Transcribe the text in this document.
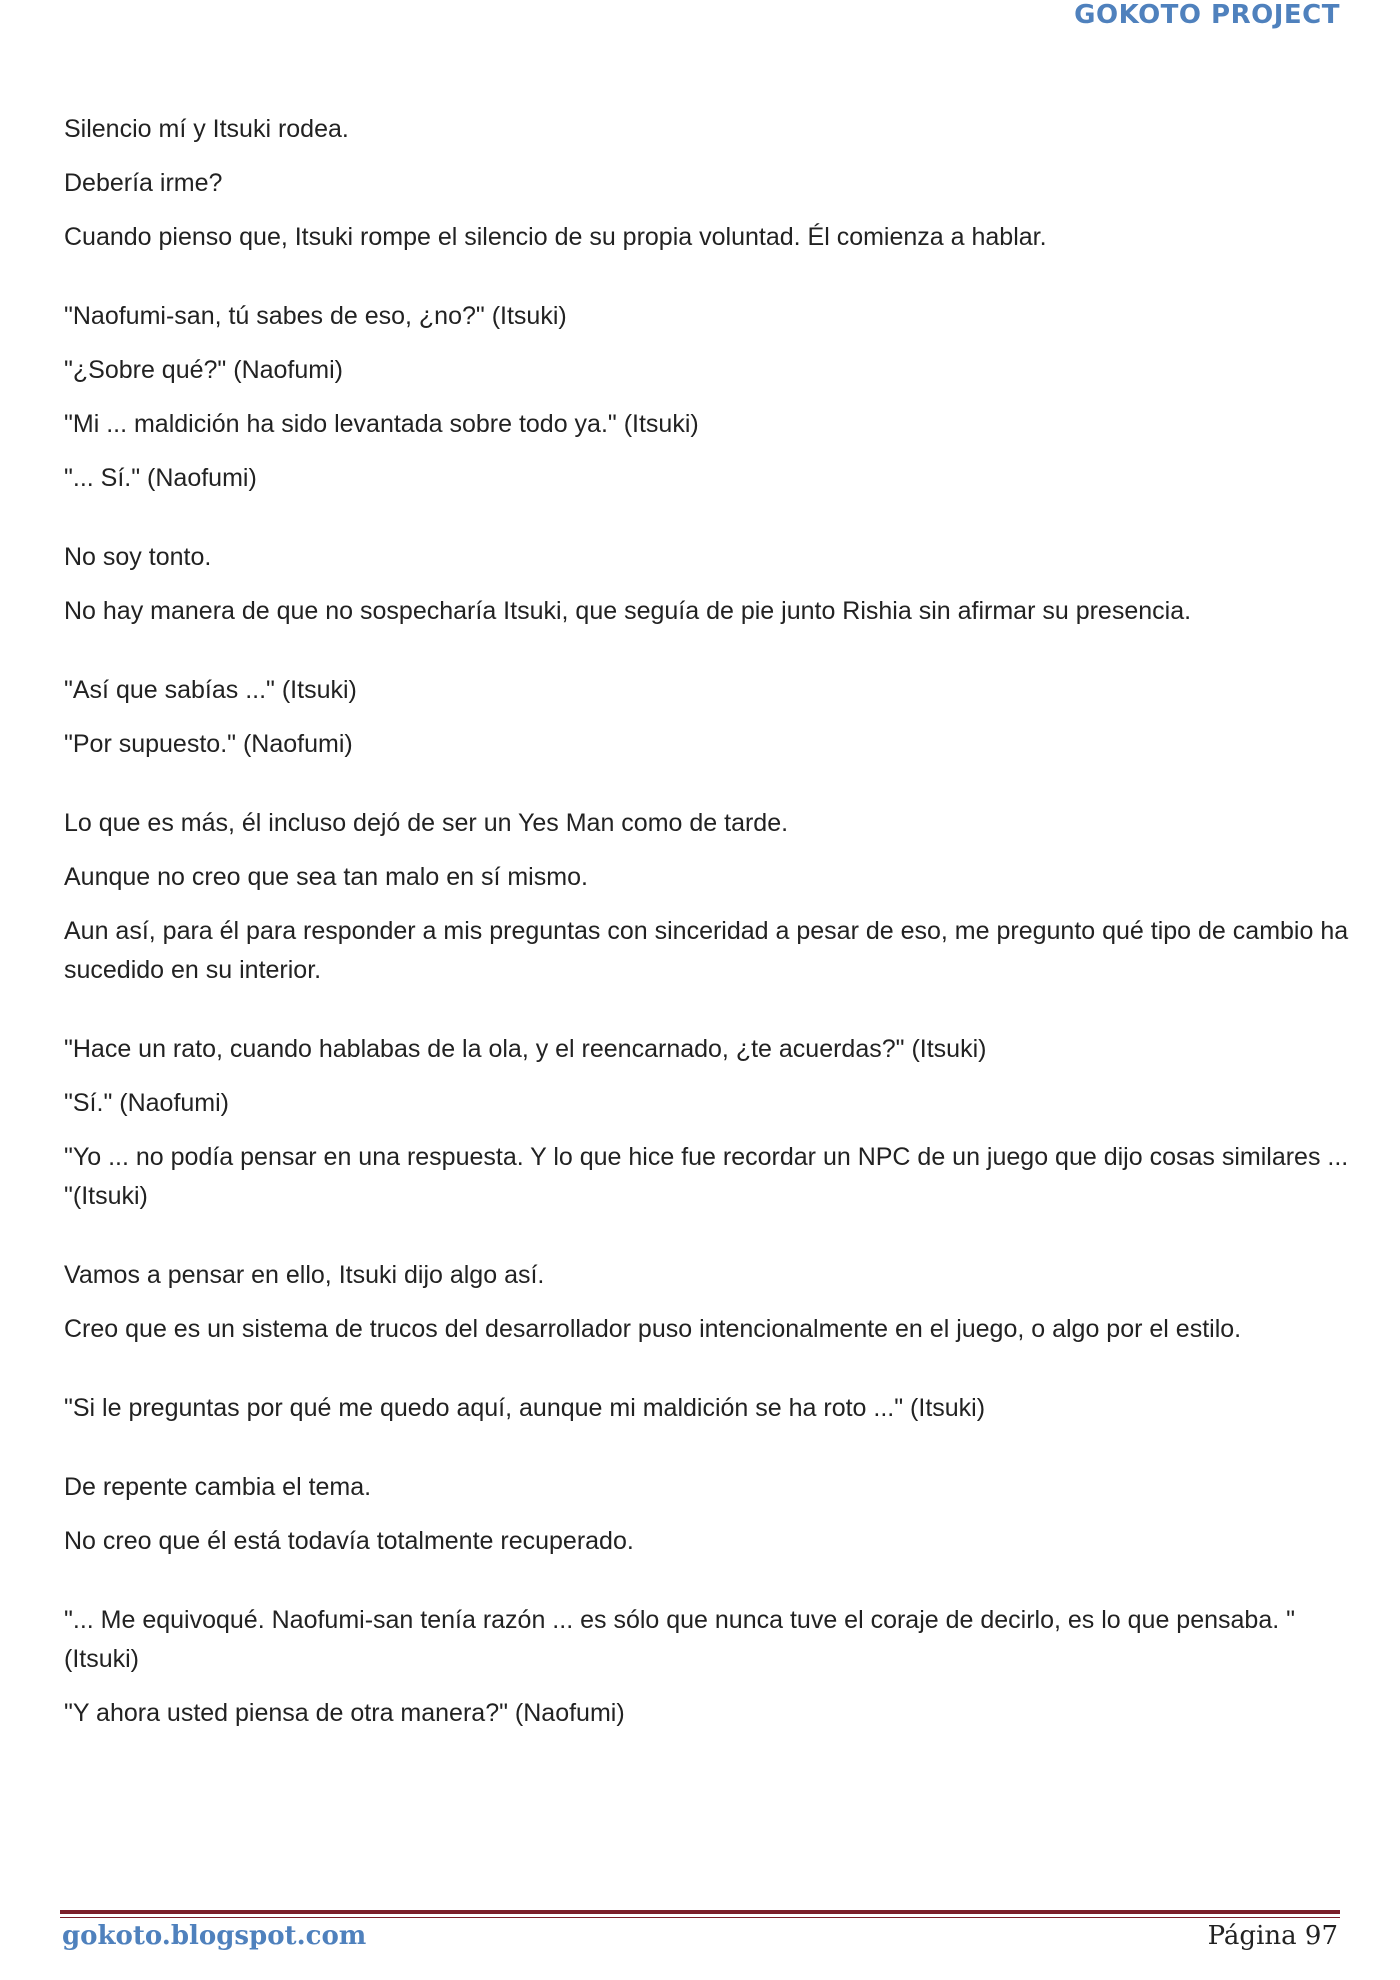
GOKOTO PROJECT

Silencio mí y Itsuki rodea.

Debería irme?

Cuando pienso que, Itsuki rompe el silencio de su propia voluntad. Él comienza a hablar.

"Naofumi-san, tú sabes de eso, ¿no?" (Itsuki)

"¿Sobre qué?" (Naofumi)

"Mi ... maldición ha sido levantada sobre todo ya." (Itsuki)

"... Sí." (Naofumi)

No soy tonto.

No hay manera de que no sospecharía Itsuki, que seguía de pie junto Rishia sin afirmar su presencia.

"Así que sabías ..." (Itsuki)

"Por supuesto." (Naofumi)

Lo que es más, él incluso dejó de ser un Yes Man como de tarde.

Aunque no creo que sea tan malo en sí mismo.

Aun así, para él para responder a mis preguntas con sinceridad a pesar de eso, me pregunto qué tipo de cambio ha sucedido en su interior.

"Hace un rato, cuando hablabas de la ola, y el reencarnado, ¿te acuerdas?" (Itsuki)

"Sí." (Naofumi)

"Yo ... no podía pensar en una respuesta. Y lo que hice fue recordar un NPC de un juego que dijo cosas similares ... "(Itsuki)

Vamos a pensar en ello, Itsuki dijo algo así.

Creo que es un sistema de trucos del desarrollador puso intencionalmente en el juego, o algo por el estilo.

"Si le preguntas por qué me quedo aquí, aunque mi maldición se ha roto ..." (Itsuki)

De repente cambia el tema.

No creo que él está todavía totalmente recuperado.

"... Me equivoqué. Naofumi-san tenía razón ... es sólo que nunca tuve el coraje de decirlo, es lo que pensaba. "(Itsuki)

"Y ahora usted piensa de otra manera?" (Naofumi)

gokoto.blogspot.com	Página 97
